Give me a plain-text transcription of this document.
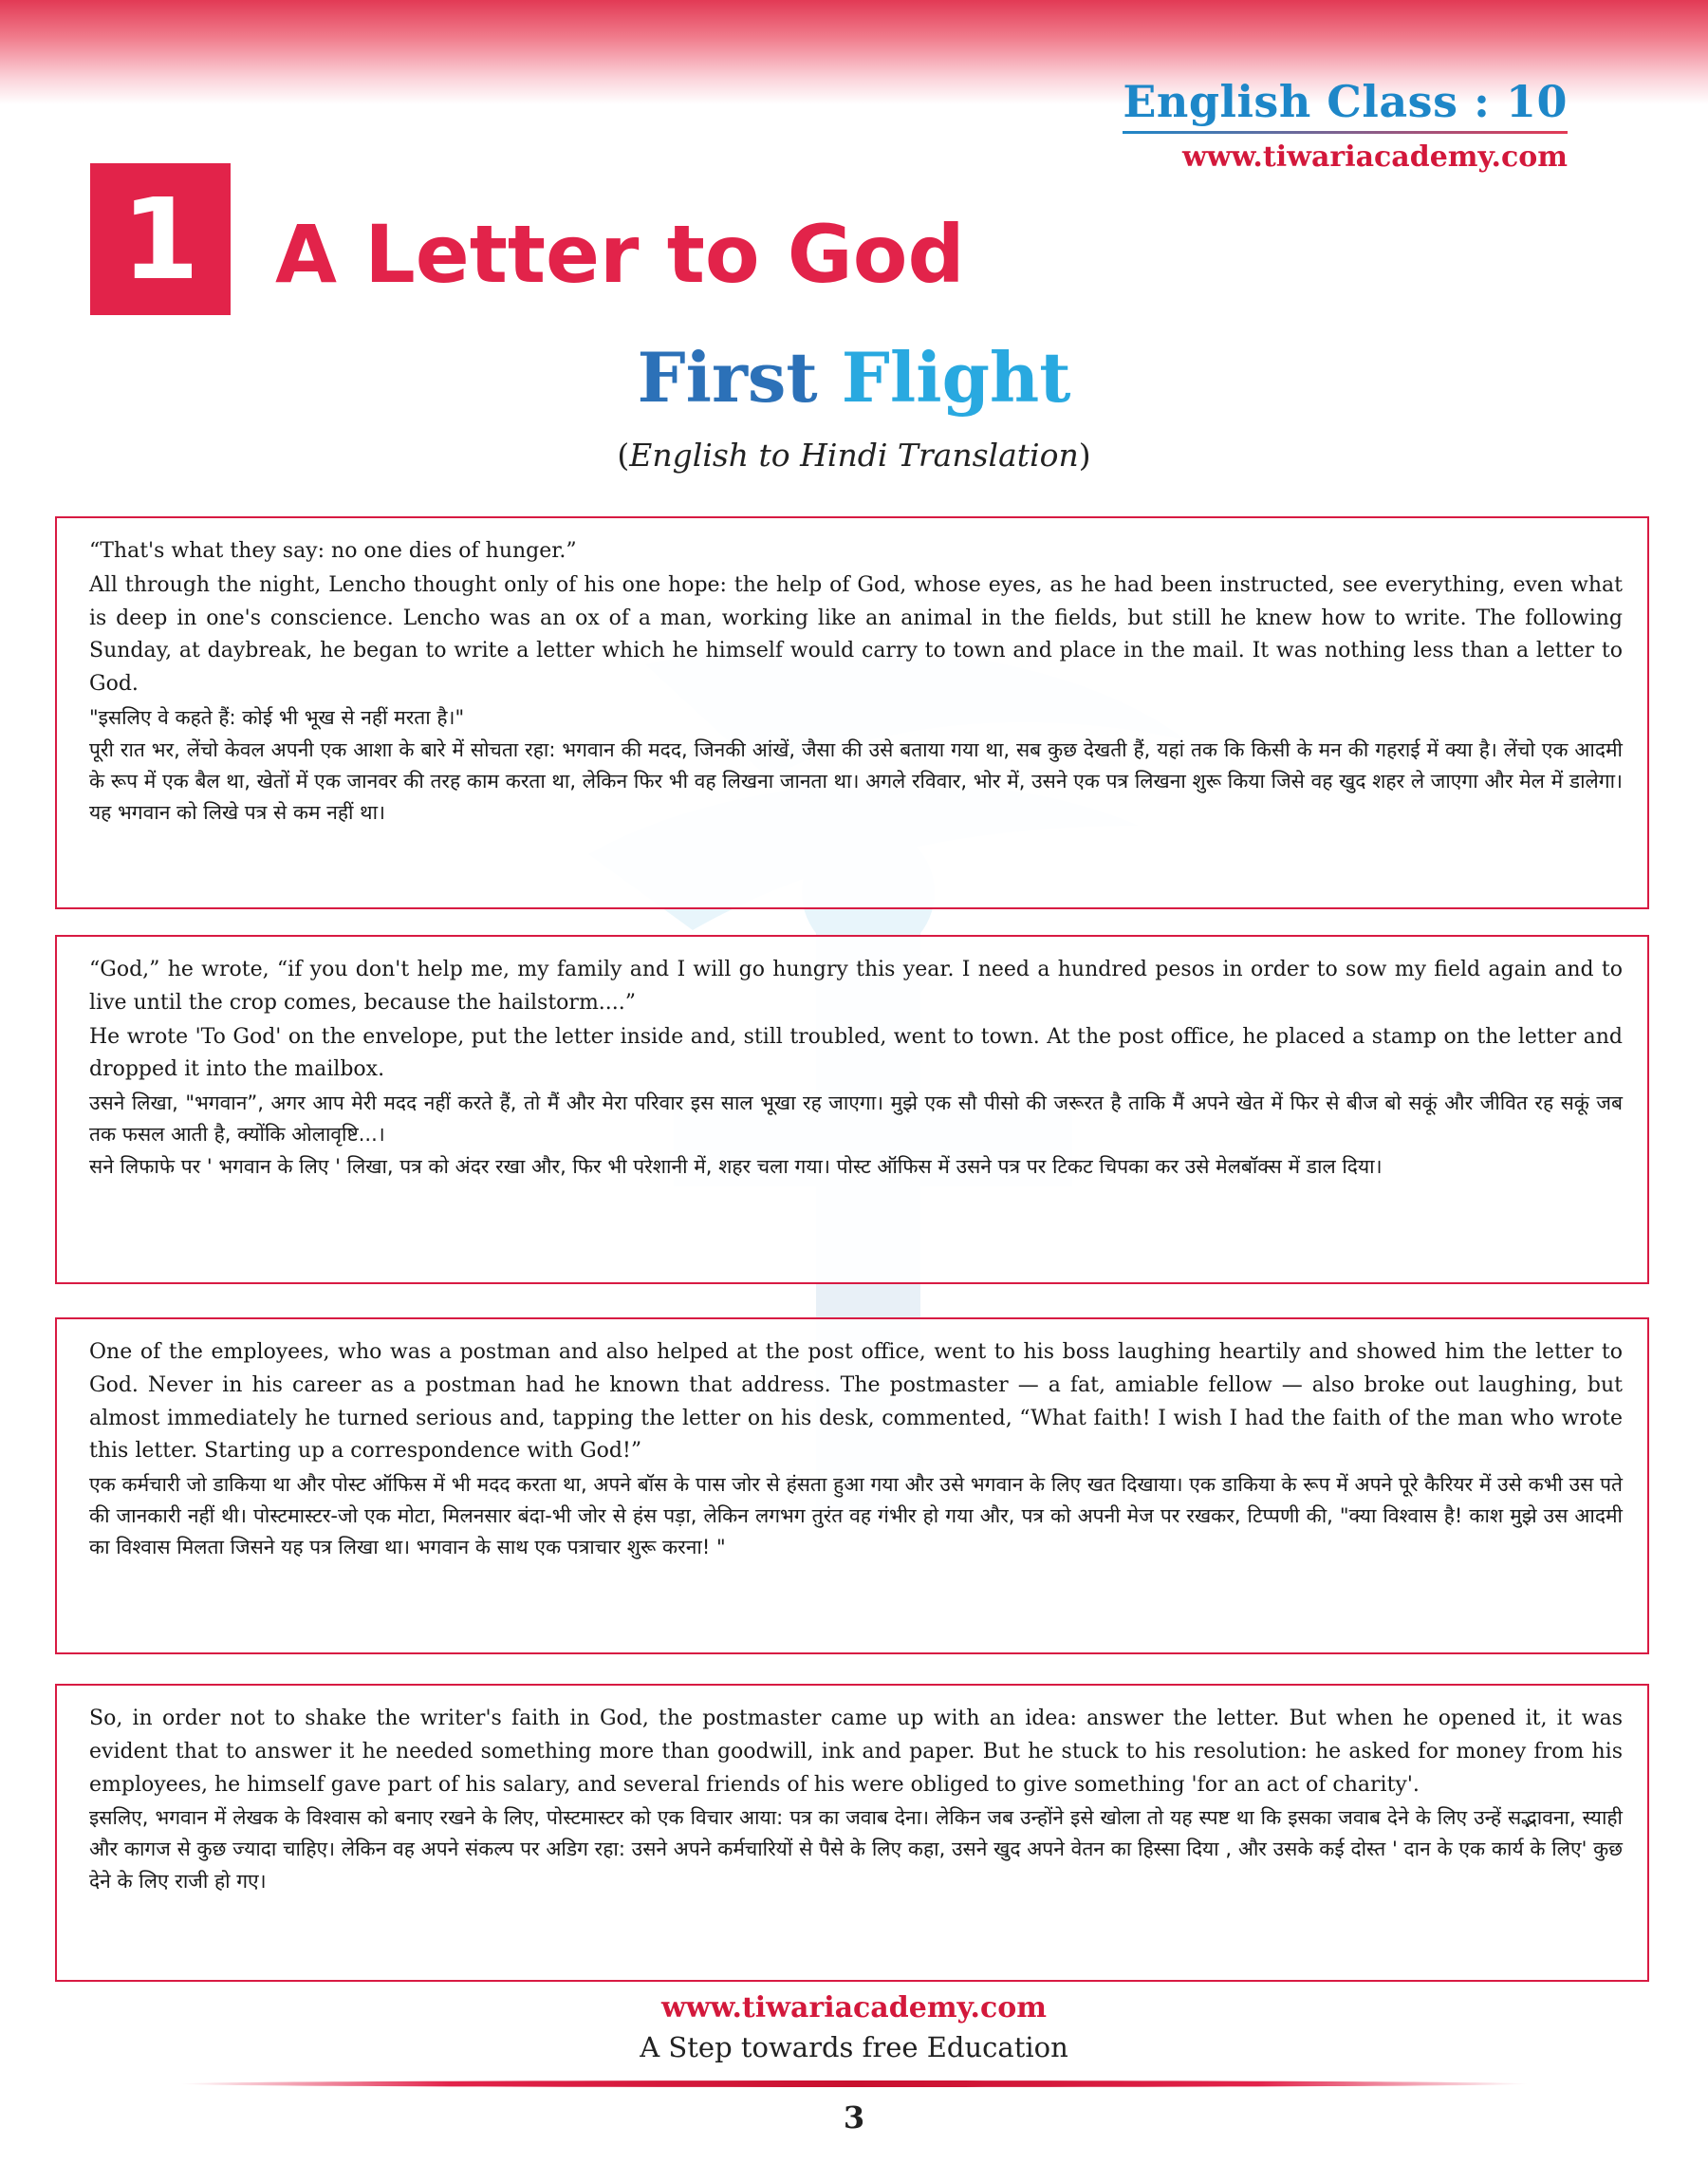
English Class : 10
www.tiwariacademy.com
1 A Letter to God
First Flight
(English to Hindi Translation)

“That's what they say: no one dies of hunger.”

All through the night, Lencho thought only of his one hope: the help of God, whose eyes, as he had been instructed, see everything, even what is deep in one's conscience. Lencho was an ox of a man, working like an animal in the fields, but still he knew how to write. The following Sunday, at daybreak, he began to write a letter which he himself would carry to town and place in the mail. It was nothing less than a letter to God.

"इसलिए वे कहते हैं: कोई भी भूख से नहीं मरता है।"

पूरी रात भर, लेंचो केवल अपनी एक आशा के बारे में सोचता रहा: भगवान की मदद, जिनकी आंखें, जैसा की उसे बताया गया था, सब कुछ देखती हैं, यहां तक कि किसी के मन की गहराई में क्या है। लेंचो एक आदमी के रूप में एक बैल था, खेतों में एक जानवर की तरह काम करता था, लेकिन फिर भी वह लिखना जानता था। अगले रविवार, भोर में, उसने एक पत्र लिखना शुरू किया जिसे वह खुद शहर ले जाएगा और मेल में डालेगा। यह भगवान को लिखे पत्र से कम नहीं था।

“God,” he wrote, “if you don't help me, my family and I will go hungry this year. I need a hundred pesos in order to sow my field again and to live until the crop comes, because the hailstorm....”

He wrote 'To God' on the envelope, put the letter inside and, still troubled, went to town. At the post office, he placed a stamp on the letter and dropped it into the mailbox.

उसने लिखा, "भगवान”, अगर आप मेरी मदद नहीं करते हैं, तो मैं और मेरा परिवार इस साल भूखा रह जाएगा। मुझे एक सौ पीसो की जरूरत है ताकि मैं अपने खेत में फिर से बीज बो सकूं और जीवित रह सकूं जब तक फसल आती है, क्योंकि ओलावृष्टि...।

सने लिफाफे पर ' भगवान के लिए ' लिखा, पत्र को अंदर रखा और, फिर भी परेशानी में, शहर चला गया। पोस्ट ऑफिस में उसने पत्र पर टिकट चिपका कर उसे मेलबॉक्स में डाल दिया।

One of the employees, who was a postman and also helped at the post office, went to his boss laughing heartily and showed him the letter to God. Never in his career as a postman had he known that address. The postmaster — a fat, amiable fellow — also broke out laughing, but almost immediately he turned serious and, tapping the letter on his desk, commented, “What faith! I wish I had the faith of the man who wrote this letter. Starting up a correspondence with God!”

एक कर्मचारी जो डाकिया था और पोस्ट ऑफिस में भी मदद करता था, अपने बॉस के पास जोर से हंसता हुआ गया और उसे भगवान के लिए खत दिखाया। एक डाकिया के रूप में अपने पूरे कैरियर में उसे कभी उस पते की जानकारी नहीं थी। पोस्टमास्टर-जो एक मोटा, मिलनसार बंदा-भी जोर से हंस पड़ा, लेकिन लगभग तुरंत वह गंभीर हो गया और, पत्र को अपनी मेज पर रखकर, टिप्पणी की, "क्या विश्वास है! काश मुझे उस आदमी का विश्वास मिलता जिसने यह पत्र लिखा था। भगवान के साथ एक पत्राचार शुरू करना! "

So, in order not to shake the writer's faith in God, the postmaster came up with an idea: answer the letter. But when he opened it, it was evident that to answer it he needed something more than goodwill, ink and paper. But he stuck to his resolution: he asked for money from his employees, he himself gave part of his salary, and several friends of his were obliged to give something 'for an act of charity'.

इसलिए, भगवान में लेखक के विश्वास को बनाए रखने के लिए, पोस्टमास्टर को एक विचार आया: पत्र का जवाब देना। लेकिन जब उन्होंने इसे खोला तो यह स्पष्ट था कि इसका जवाब देने के लिए उन्हें सद्भावना, स्याही और कागज से कुछ ज्यादा चाहिए। लेकिन वह अपने संकल्प पर अडिग रहा: उसने अपने कर्मचारियों से पैसे के लिए कहा, उसने खुद अपने वेतन का हिस्सा दिया , और उसके कई दोस्त ' दान के एक कार्य के लिए' कुछ देने के लिए राजी हो गए।

www.tiwariacademy.com
A Step towards free Education
3
